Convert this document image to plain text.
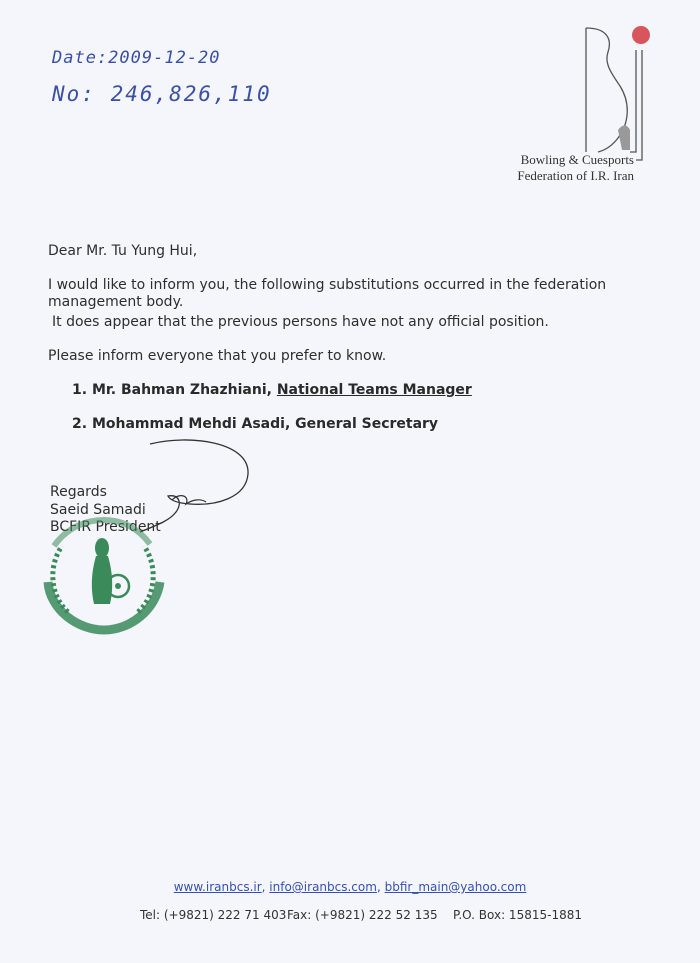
Date:2009-12-20
No: 246,826,110
Bowling & Cuesports
Federation of I.R. Iran
Dear Mr. Tu Yung Hui,
I would like to inform you, the following substitutions occurred in the federation management body.
It does appear that the previous persons have not any official position.
Please inform everyone that you prefer to know.
1. Mr. Bahman Zhazhiani, National Teams Manager
2. Mohammad Mehdi Asadi, General Secretary
Regards
Saeid Samadi
BCFIR President
www.iranbcs.ir, info@iranbcs.com, bbfir_main@yahoo.com
Tel: (+9821) 222 71 403 Fax: (+9821) 222 52 135 P.O. Box: 15815-1881
